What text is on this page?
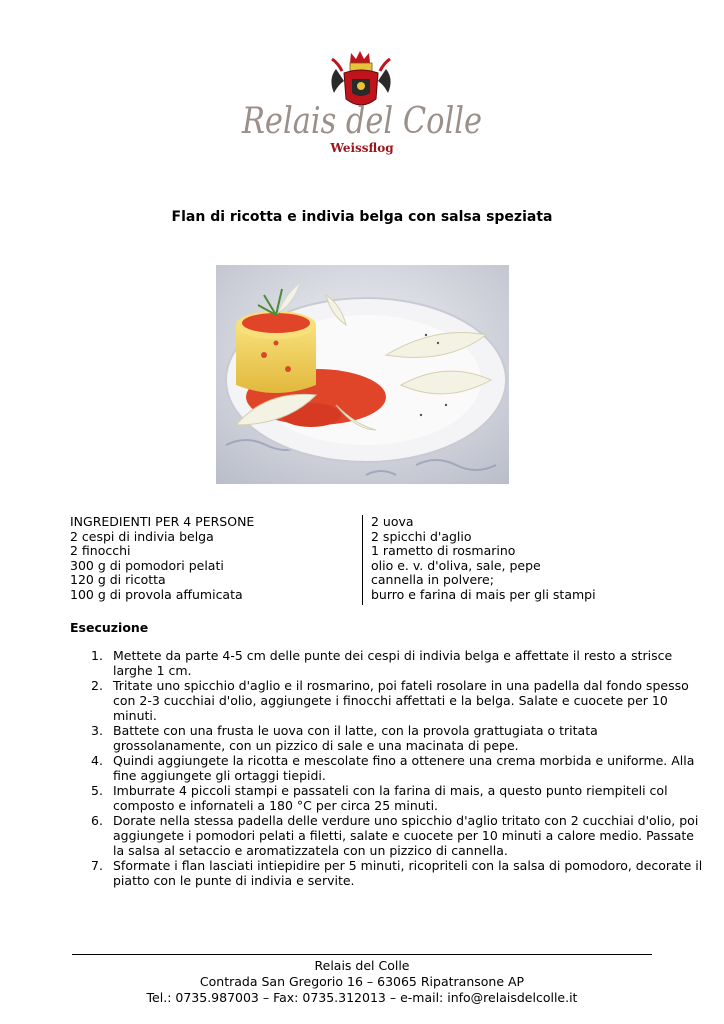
Relais del Colle
Weissflog
Flan di ricotta e indivia belga con salsa speziata
INGREDIENTI PER 4 PERSONE
2 cespi di indivia belga
2 finocchi
300 g di pomodori pelati
120 g di ricotta
100 g di provola affumicata
2 uova
2 spicchi d'aglio
1 rametto di rosmarino
olio e. v. d'oliva, sale, pepe
cannella in polvere;
burro e farina di mais per gli stampi
Esecuzione
Mettete da parte 4-5 cm delle punte dei cespi di indivia belga e affettate il resto a strisce larghe 1 cm.
Tritate uno spicchio d'aglio e il rosmarino, poi fateli rosolare in una padella dal fondo spesso con 2-3 cucchiai d'olio, aggiungete i finocchi affettati e la belga. Salate e cuocete per 10 minuti.
Battete con una frusta le uova con il latte, con la provola grattugiata o tritata grossolanamente, con un pizzico di sale e una macinata di pepe.
Quindi aggiungete la ricotta e mescolate fino a ottenere una crema morbida e uniforme. Alla fine aggiungete gli ortaggi tiepidi.
Imburrate 4 piccoli stampi e passateli con la farina di mais, a questo punto riempiteli col composto e infornateli a 180 °C per circa 25 minuti.
Dorate nella stessa padella delle verdure uno spicchio d'aglio tritato con 2 cucchiai d'olio, poi aggiungete i pomodori pelati a filetti, salate e cuocete per 10 minuti a calore medio. Passate la salsa al setaccio e aromatizzatela con un pizzico di cannella.
Sformate i flan lasciati intiepidire per 5 minuti, ricopriteli con la salsa di pomodoro, decorate il piatto con le punte di indivia e servite.
Relais del Colle
Contrada San Gregorio 16 – 63065 Ripatransone AP
Tel.: 0735.987003 – Fax: 0735.312013 – e-mail: info@relaisdelcolle.it
